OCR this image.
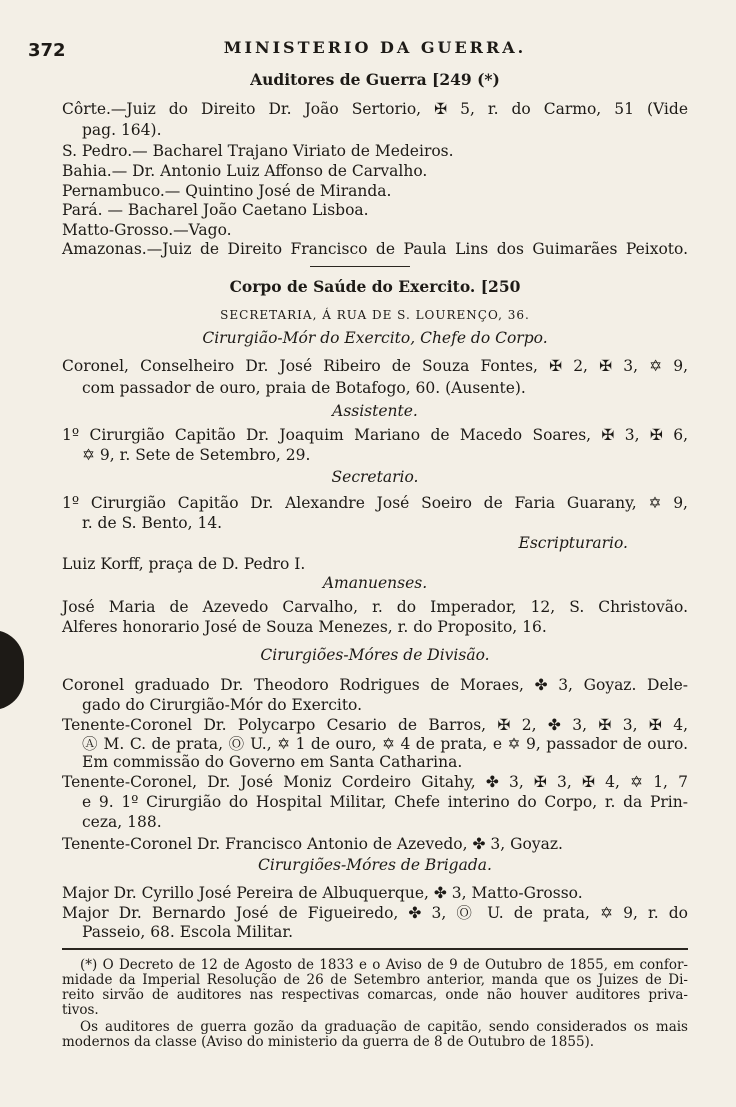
372	MINISTERIO DA GUERRA.
Auditores de Guerra [249 (*)
Côrte.—Juiz do Direito Dr. João Sertorio, ✠ 5, r. do Carmo, 51 (Vide
pag. 164).
S. Pedro.— Bacharel Trajano Viriato de Medeiros.
Bahia.— Dr. Antonio Luiz Affonso de Carvalho.
Pernambuco.— Quintino José de Miranda.
Pará. — Bacharel João Caetano Lisboa.
Matto-Grosso.—Vago.
Amazonas.—Juiz de Direito Francisco de Paula Lins dos Guimarães Peixoto.
Corpo de Saúde do Exercito. [250
SECRETARIA, Á RUA DE S. LOURENÇO, 36.
Cirurgião-Mór do Exercito, Chefe do Corpo.
Coronel, Conselheiro Dr. José Ribeiro de Souza Fontes, ✠ 2, ✠ 3, ✡ 9,
com passador de ouro, praia de Botafogo, 60. (Ausente).
Assistente.
1º Cirurgião Capitão Dr. Joaquim Mariano de Macedo Soares, ✠ 3, ✠ 6,
✡ 9, r. Sete de Setembro, 29.
Secretario.
1º Cirurgião Capitão Dr. Alexandre José Soeiro de Faria Guarany, ✡ 9,
r. de S. Bento, 14.
Escripturario.
Luiz Korff, praça de D. Pedro I.
Amanuenses.
José Maria de Azevedo Carvalho, r. do Imperador, 12, S. Christovão.
Alferes honorario José de Souza Menezes, r. do Proposito, 16.
Cirurgiões-Móres de Divisão.
Coronel graduado Dr. Theodoro Rodrigues de Moraes, ✤ 3, Goyaz. Dele-
gado do Cirurgião-Mór do Exercito.
Tenente-Coronel Dr. Polycarpo Cesario de Barros, ✠ 2, ✤ 3, ✠ 3, ✠ 4,
Ⓐ M. C. de prata, Ⓞ U., ✡ 1 de ouro, ✡ 4 de prata, e ✡ 9, passador de ouro.
Em commissão do Governo em Santa Catharina.
Tenente-Coronel, Dr. José Moniz Cordeiro Gitahy, ✤ 3, ✠ 3, ✠ 4, ✡ 1, 7
e 9. 1º Cirurgião do Hospital Militar, Chefe interino do Corpo, r. da Prin-
ceza, 188.
Tenente-Coronel Dr. Francisco Antonio de Azevedo, ✤ 3, Goyaz.
Cirurgiões-Móres de Brigada.
Major Dr. Cyrillo José Pereira de Albuquerque, ✤ 3, Matto-Grosso.
Major Dr. Bernardo José de Figueiredo, ✤ 3, Ⓞ U. de prata, ✡ 9, r. do
Passeio, 68. Escola Militar.
(*) O Decreto de 12 de Agosto de 1833 e o Aviso de 9 de Outubro de 1855, em confor-
midade da Imperial Resolução de 26 de Setembro anterior, manda que os Juizes de Di-
reito sirvão de auditores nas respectivas comarcas, onde não houver auditores priva-
tivos.
Os auditores de guerra gozão da graduação de capitão, sendo considerados os mais
modernos da classe (Aviso do ministerio da guerra de 8 de Outubro de 1855).
